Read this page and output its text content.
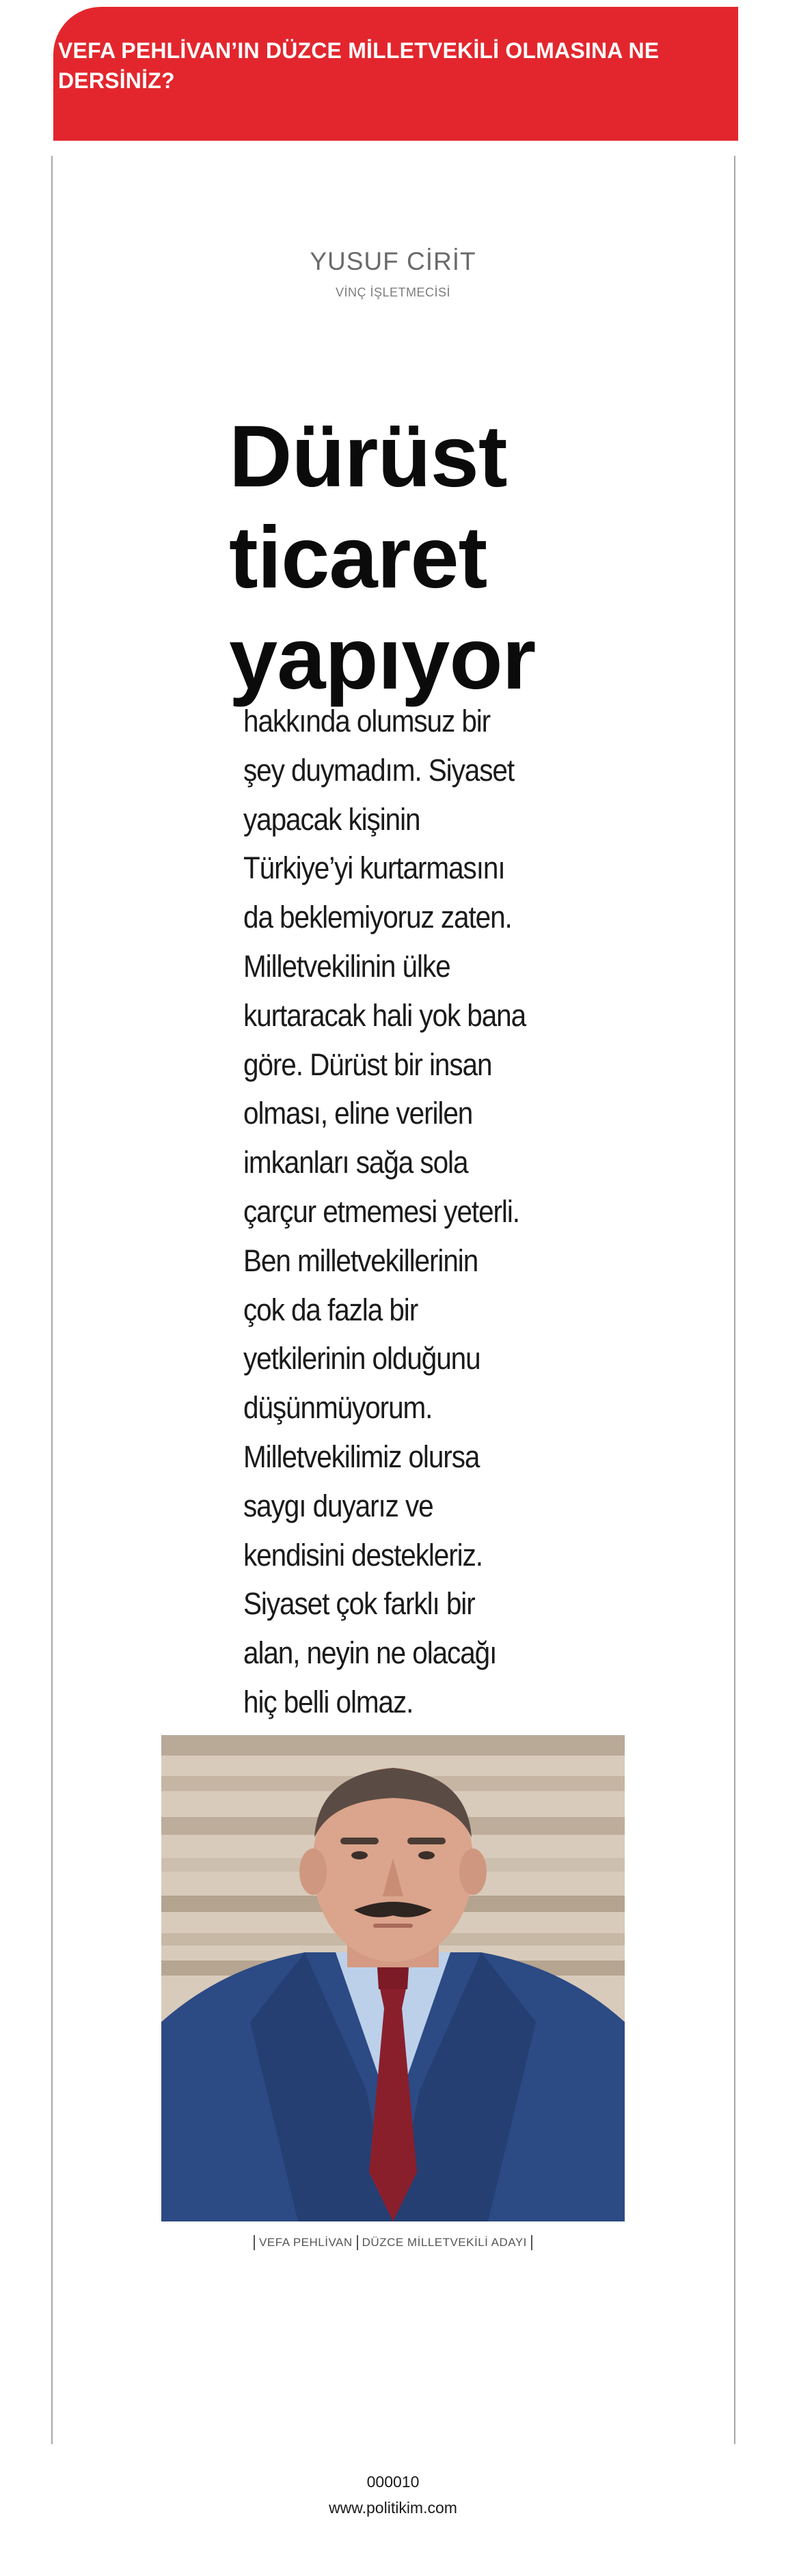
VEFA PEHLİVAN’IN DÜZCE MİLLETVEKİLİ OLMASINA NE DERSİNİZ?
YUSUF CİRİT
VİNÇ İŞLETMECİSİ
Dürüst
ticaret
yapıyor
hakkında olumsuz bir
şey duymadım. Siyaset
yapacak kişinin
Türkiye’yi kurtarmasını
da beklemiyoruz zaten.
Milletvekilinin ülke
kurtaracak hali yok bana
göre. Dürüst bir insan
olması, eline verilen
imkanları sağa sola
çarçur etmemesi yeterli.
Ben milletvekillerinin
çok da fazla bir
yetkilerinin olduğunu
düşünmüyorum.
Milletvekilimiz olursa
saygı duyarız ve
kendisini destekleriz.
Siyaset çok farklı bir
alan, neyin ne olacağı
hiç belli olmaz.
VEFA PEHLİVAN DÜZCE MİLLETVEKİLİ ADAYI
000010
www.politikim.com
